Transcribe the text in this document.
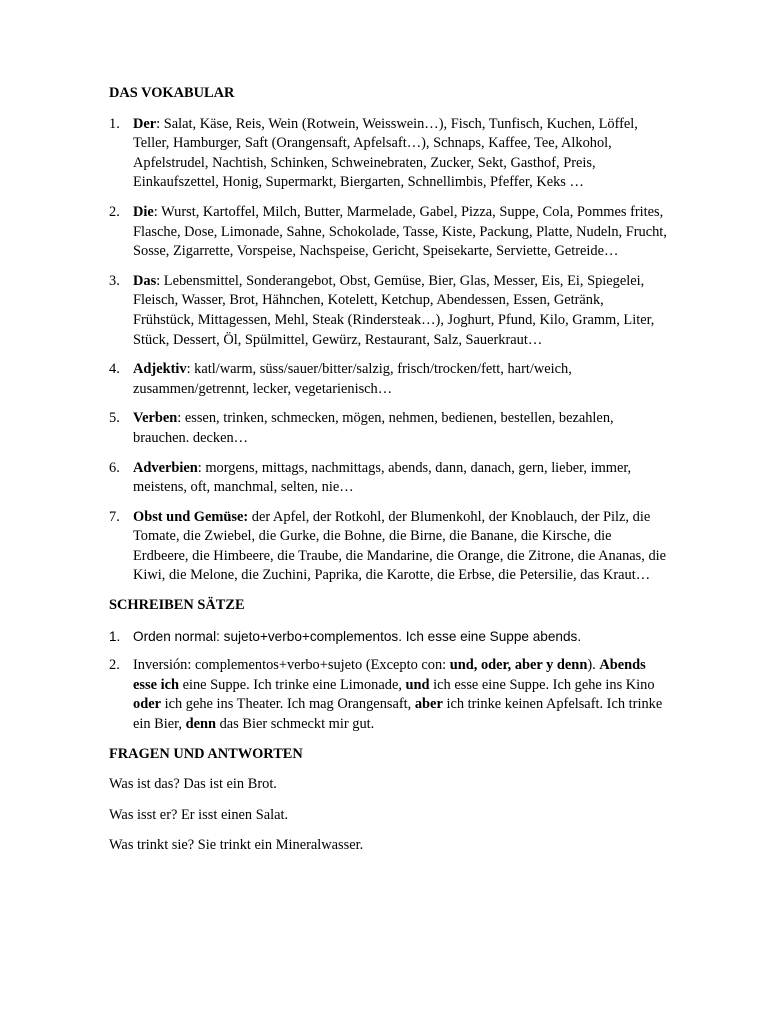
DAS VOKABULAR
1. Der: Salat, Käse, Reis, Wein (Rotwein, Weisswein…), Fisch, Tunfisch, Kuchen, Löffel, Teller, Hamburger, Saft (Orangensaft, Apfelsaft…), Schnaps, Kaffee, Tee, Alkohol, Apfelstrudel, Nachtish, Schinken, Schweinebraten, Zucker, Sekt, Gasthof, Preis, Einkaufszettel, Honig, Supermarkt, Biergarten, Schnellimbis, Pfeffer, Keks …
2. Die: Wurst, Kartoffel, Milch, Butter, Marmelade, Gabel, Pizza, Suppe, Cola, Pommes frites, Flasche, Dose, Limonade, Sahne, Schokolade, Tasse, Kiste, Packung, Platte, Nudeln, Frucht, Sosse, Zigarrette, Vorspeise, Nachspeise, Gericht, Speisekarte, Serviette, Getreide…
3. Das: Lebensmittel, Sonderangebot, Obst, Gemüse, Bier, Glas, Messer, Eis, Ei, Spiegelei, Fleisch, Wasser, Brot, Hähnchen, Kotelett, Ketchup, Abendessen, Essen, Getränk, Frühstück, Mittagessen, Mehl, Steak (Rindersteak…), Joghurt, Pfund, Kilo, Gramm, Liter, Stück, Dessert, Öl, Spülmittel, Gewürz, Restaurant, Salz, Sauerkraut…
4. Adjektiv: katl/warm, süss/sauer/bitter/salzig, frisch/trocken/fett, hart/weich, zusammen/getrennt, lecker, vegetarienisch…
5. Verben: essen, trinken, schmecken, mögen, nehmen, bedienen, bestellen, bezahlen, brauchen. decken…
6. Adverbien: morgens, mittags, nachmittags, abends, dann, danach, gern, lieber, immer, meistens, oft, manchmal, selten, nie…
7. Obst und Gemüse: der Apfel, der Rotkohl, der Blumenkohl, der Knoblauch, der Pilz, die Tomate, die Zwiebel, die Gurke, die Bohne, die Birne, die Banane, die Kirsche, die Erdbeere, die Himbeere, die Traube, die Mandarine, die Orange, die Zitrone, die Ananas, die Kiwi, die Melone, die Zuchini, Paprika, die Karotte, die Erbse, die Petersilie, das Kraut…
SCHREIBEN SÄTZE
1. Orden normal: sujeto+verbo+complementos. Ich esse eine Suppe abends.
2. Inversión: complementos+verbo+sujeto (Excepto con: und, oder, aber y denn). Abends esse ich eine Suppe. Ich trinke eine Limonade, und ich esse eine Suppe. Ich gehe ins Kino oder ich gehe ins Theater. Ich mag Orangensaft, aber ich trinke keinen Apfelsaft. Ich trinke ein Bier, denn das Bier schmeckt mir gut.
FRAGEN UND ANTWORTEN

Was ist das? Das ist ein Brot.

Was isst er? Er isst einen Salat.

Was trinkt sie? Sie trinkt ein Mineralwasser.
